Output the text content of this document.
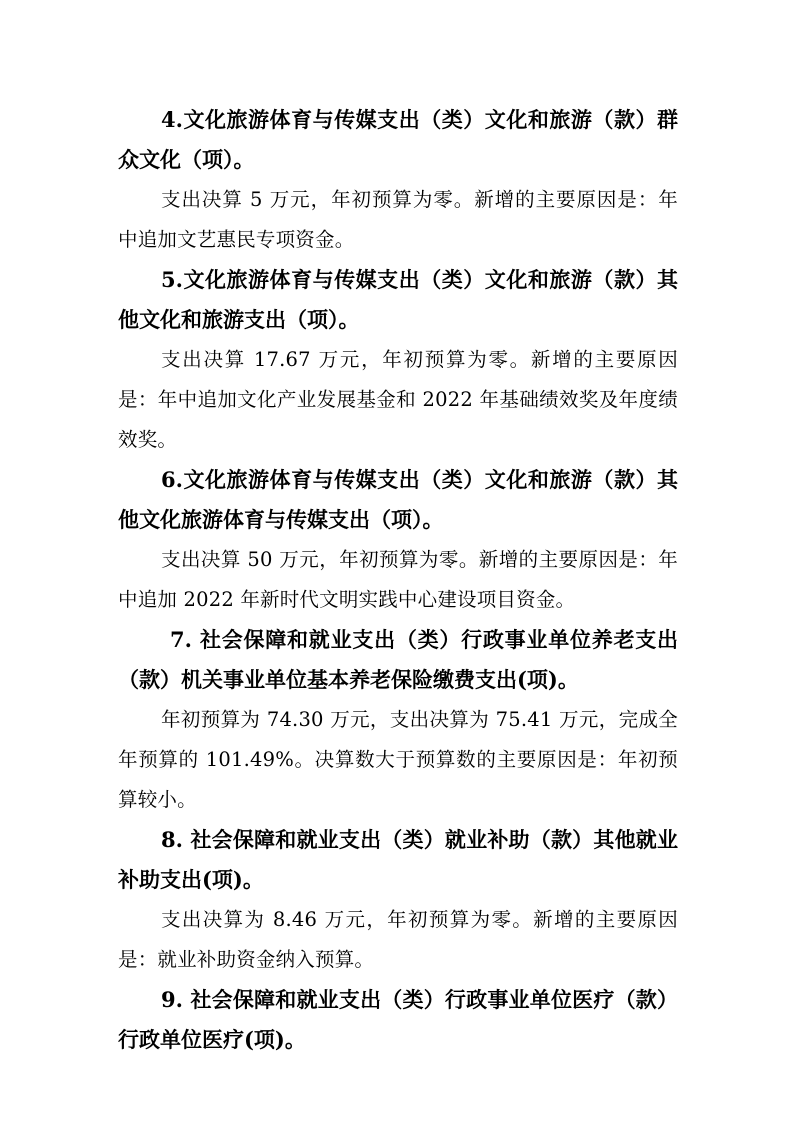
4.文化旅游体育与传媒支出（类）文化和旅游（款）群众文化（项）。

支出决算 5 万元，年初预算为零。新增的主要原因是：年中追加文艺惠民专项资金。

5.文化旅游体育与传媒支出（类）文化和旅游（款）其他文化和旅游支出（项）。

支出决算 17.67 万元，年初预算为零。新增的主要原因是：年中追加文化产业发展基金和 2022 年基础绩效奖及年度绩效奖。

6.文化旅游体育与传媒支出（类）文化和旅游（款）其他文化旅游体育与传媒支出（项）。

支出决算 50 万元，年初预算为零。新增的主要原因是：年中追加 2022 年新时代文明实践中心建设项目资金。

7. 社会保障和就业支出（类）行政事业单位养老支出（款）机关事业单位基本养老保险缴费支出(项)。

年初预算为 74.30 万元，支出决算为 75.41 万元，完成全年预算的 101.49%。决算数大于预算数的主要原因是：年初预算较小。

8. 社会保障和就业支出（类）就业补助（款）其他就业补助支出(项)。

支出决算为 8.46 万元，年初预算为零。新增的主要原因是：就业补助资金纳入预算。

9. 社会保障和就业支出（类）行政事业单位医疗（款）行政单位医疗(项)。
